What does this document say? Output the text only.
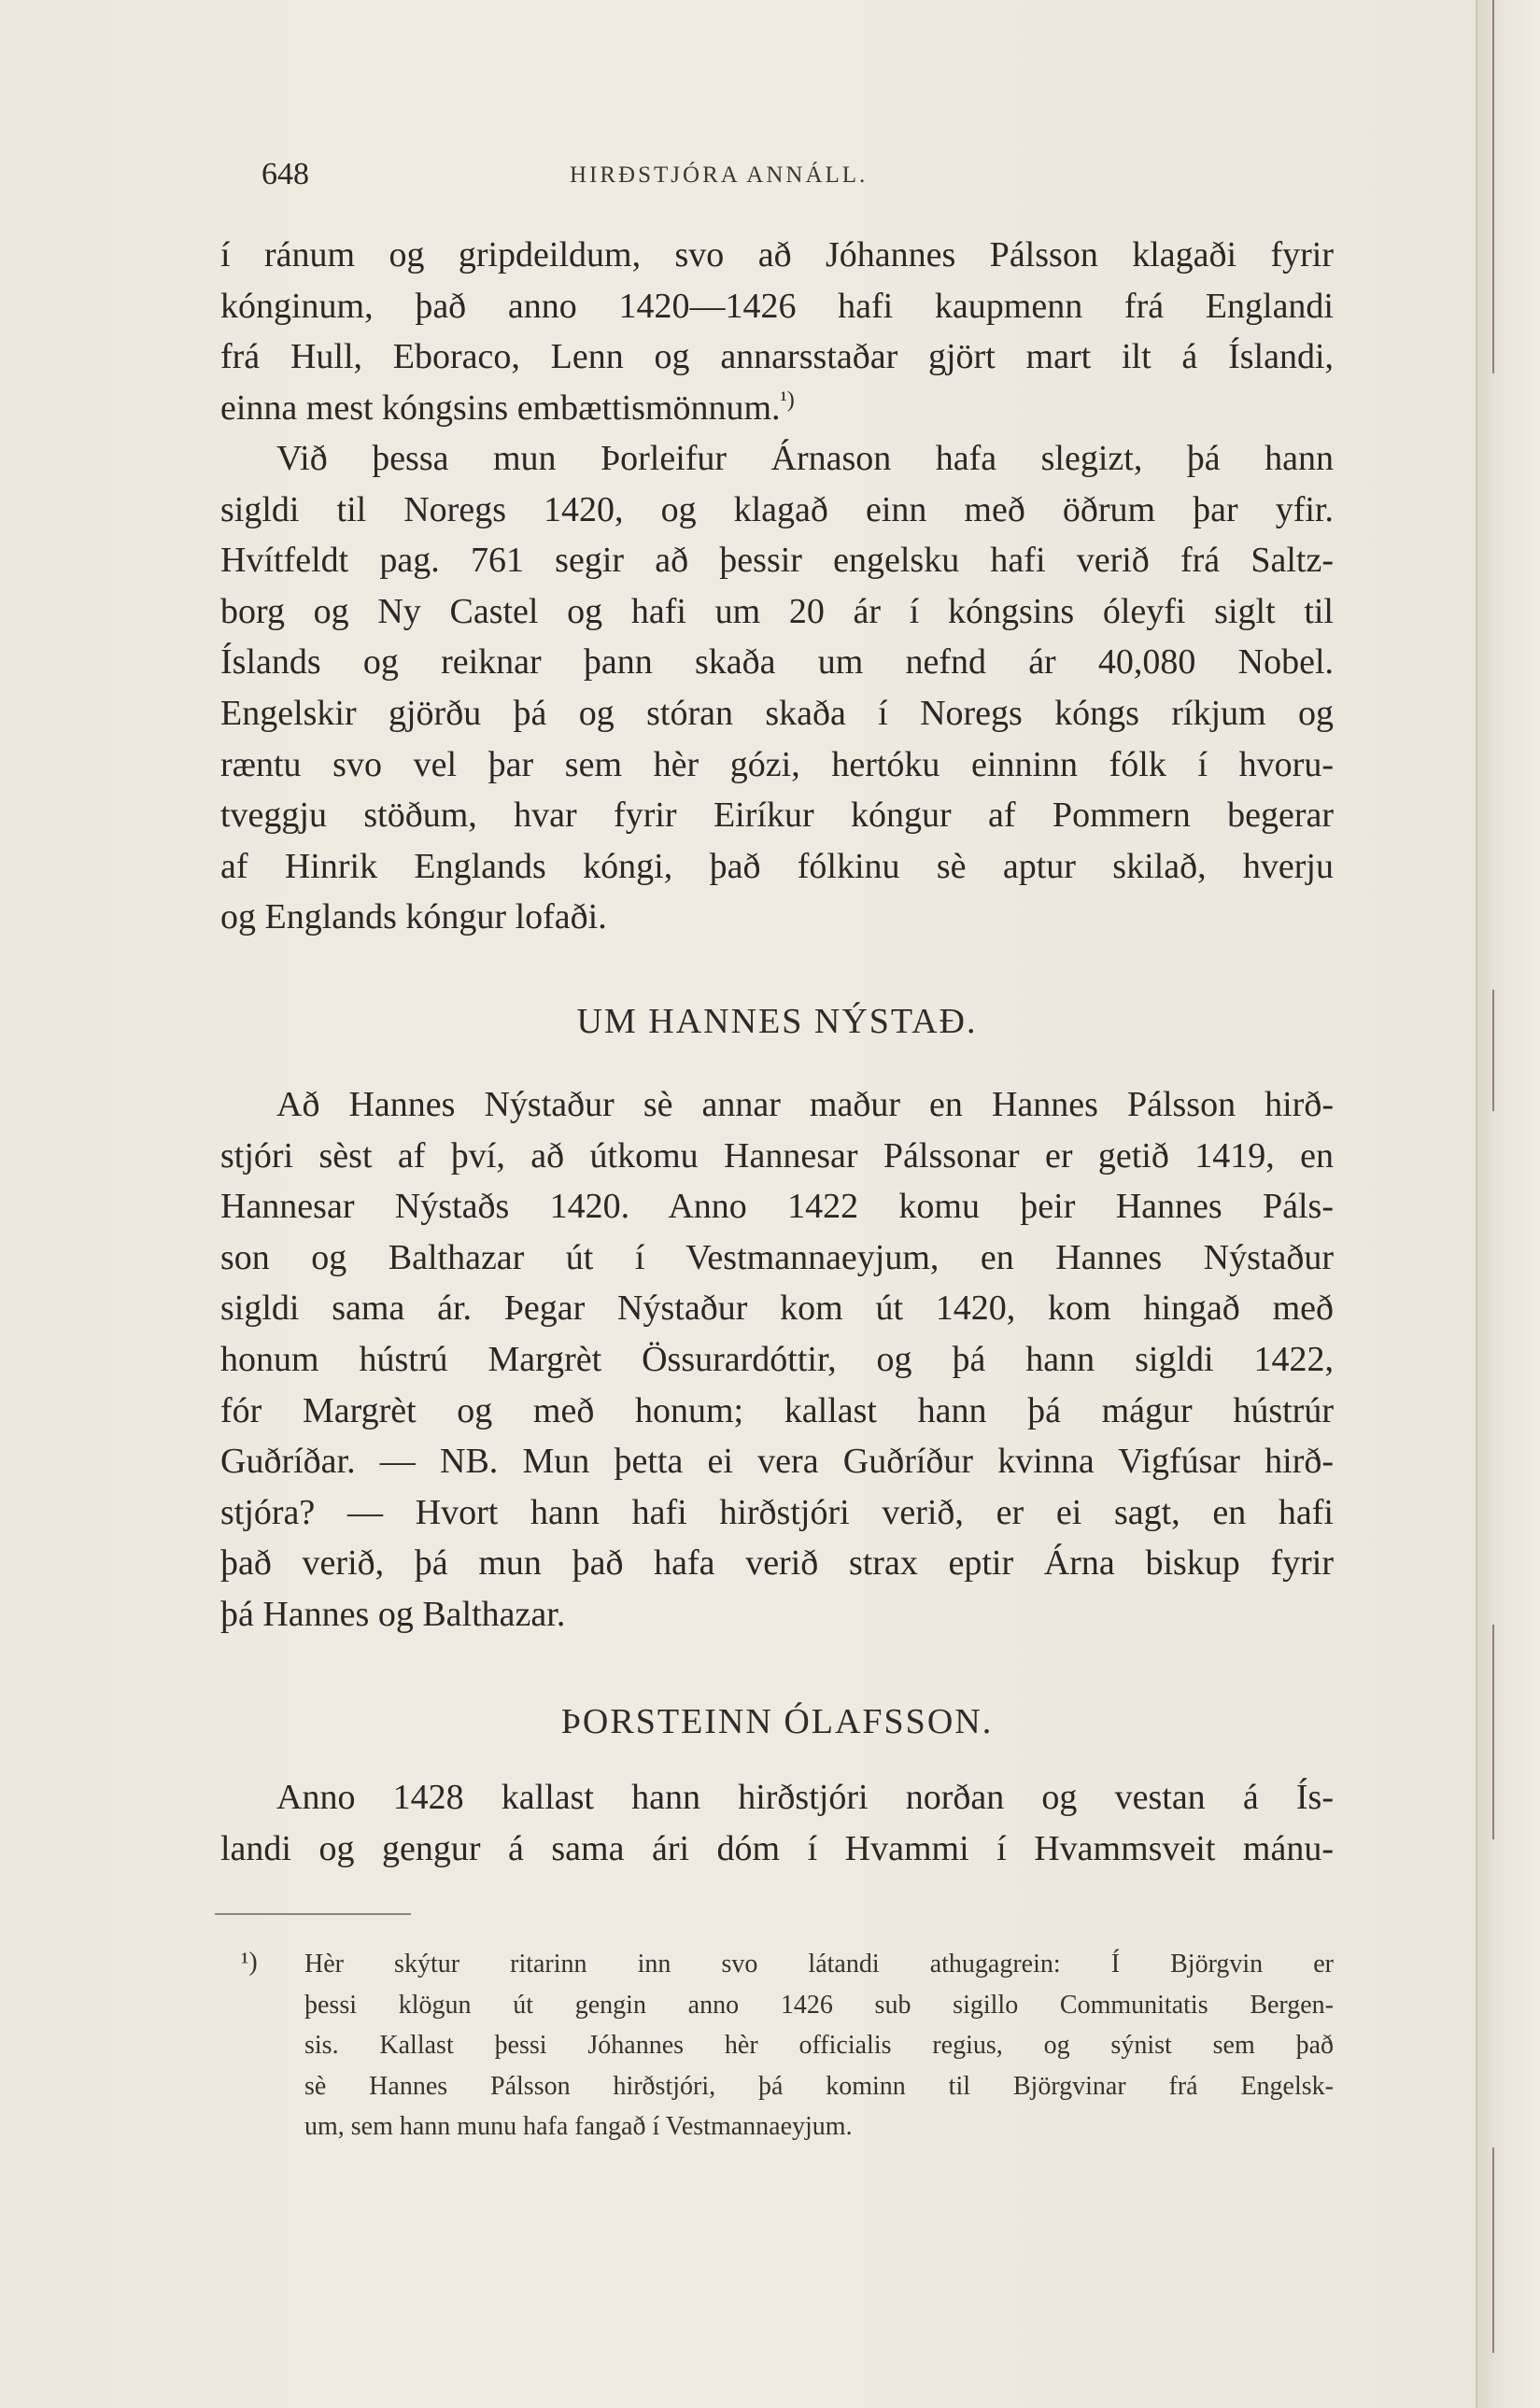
648	HIRÐSTJÓRA ANNÁLL.
í ránum og gripdeildum, svo að Jóhannes Pálsson klagaði fyrir
kónginum, það anno 1420—1426 hafi kaupmenn frá Englandi
frá Hull, Eboraco, Lenn og annarsstaðar gjört mart ilt á Íslandi,
einna mest kóngsins embættismönnum.$^{^1)}$
Við þessa mun Þorleifur Árnason hafa slegizt, þá hann
sigldi til Noregs 1420, og klagað einn með öðrum þar yfir.
Hvítfeldt pag. 761 segir að þessir engelsku hafi verið frá Saltz-
borg og Ny Castel og hafi um 20 ár í kóngsins óleyfi siglt til
Íslands og reiknar þann skaða um nefnd ár 40,080 Nobel.
Engelskir gjörðu þá og stóran skaða í Noregs kóngs ríkjum og
ræntu svo vel þar sem hèr gózi, hertóku einninn fólk í hvoru-
tveggju stöðum, hvar fyrir Eiríkur kóngur af Pommern begerar
af Hinrik Englands kóngi, það fólkinu sè aptur skilað, hverju
og Englands kóngur lofaði.
UM HANNES NÝSTAÐ.
Að Hannes Nýstaður sè annar maður en Hannes Pálsson hirð-
stjóri sèst af því, að útkomu Hannesar Pálssonar er getið 1419, en
Hannesar Nýstaðs 1420. Anno 1422 komu þeir Hannes Páls-
son og Balthazar út í Vestmannaeyjum, en Hannes Nýstaður
sigldi sama ár. Þegar Nýstaður kom út 1420, kom hingað með
honum hústrú Margrèt Össurardóttir, og þá hann sigldi 1422,
fór Margrèt og með honum; kallast hann þá mágur hústrúr
Guðríðar. — NB. Mun þetta ei vera Guðríður kvinna Vigfúsar hirð-
stjóra? — Hvort hann hafi hirðstjóri verið, er ei sagt, en hafi
það verið, þá mun það hafa verið strax eptir Árna biskup fyrir
þá Hannes og Balthazar.
ÞORSTEINN ÓLAFSSON.
Anno 1428 kallast hann hirðstjóri norðan og vestan á Ís-
landi og gengur á sama ári dóm í Hvammi í Hvammsveit mánu-
¹) Hèr skýtur ritarinn inn svo látandi athugagrein: Í Björgvin er
þessi klögun út gengin anno 1426 sub sigillo Communitatis Bergen-
sis. Kallast þessi Jóhannes hèr officialis regius, og sýnist sem það
sè Hannes Pálsson hirðstjóri, þá kominn til Björgvinar frá Engelsk-
um, sem hann munu hafa fangað í Vestmannaeyjum.
